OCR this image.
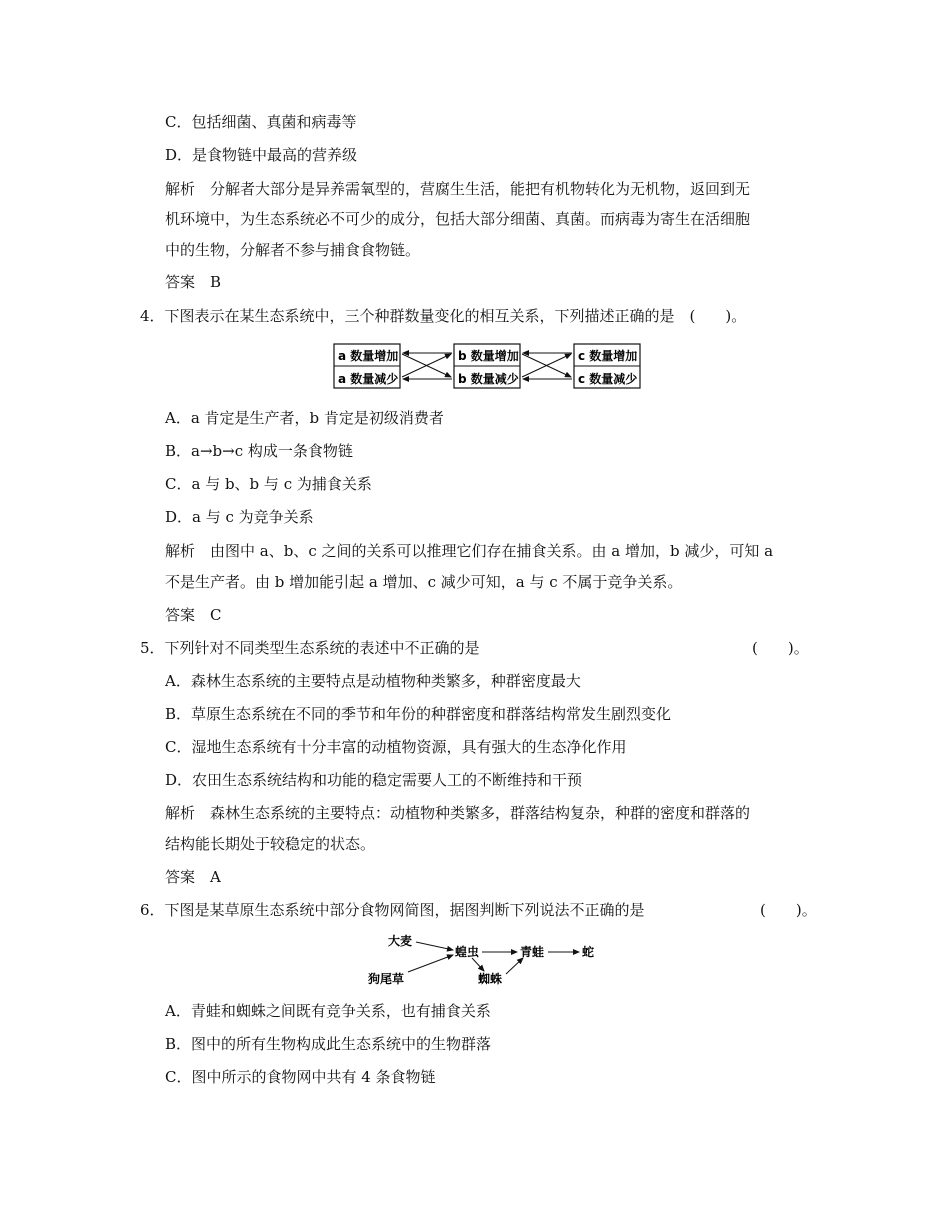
C．包括细菌、真菌和病毒等
D．是食物链中最高的营养级
解析　分解者大部分是异养需氧型的，营腐生生活，能把有机物转化为无机物，返回到无
机环境中，为生态系统必不可少的成分，包括大部分细菌、真菌。而病毒为寄生在活细胞
中的生物，分解者不参与捕食食物链。
答案　B
4．下图表示在某生态系统中，三个种群数量变化的相互关系，下列描述正确的是　(　　)。
a 数量增加
a 数量减少
b 数量增加
b 数量减少
c 数量增加
c 数量减少
A．a 肯定是生产者，b 肯定是初级消费者
B．a→b→c 构成一条食物链
C．a 与 b、b 与 c 为捕食关系
D．a 与 c 为竞争关系
解析　由图中 a、b、c 之间的关系可以推理它们存在捕食关系。由 a 增加，b 减少，可知 a
不是生产者。由 b 增加能引起 a 增加、c 减少可知，a 与 c 不属于竞争关系。
答案　C
5．下列针对不同类型生态系统的表述中不正确的是	(　　)。
A．森林生态系统的主要特点是动植物种类繁多，种群密度最大
B．草原生态系统在不同的季节和年份的种群密度和群落结构常发生剧烈变化
C．湿地生态系统有十分丰富的动植物资源，具有强大的生态净化作用
D．农田生态系统结构和功能的稳定需要人工的不断维持和干预
解析　森林生态系统的主要特点：动植物种类繁多，群落结构复杂，种群的密度和群落的
结构能长期处于较稳定的状态。
答案　A
6．下图是某草原生态系统中部分食物网简图，据图判断下列说法不正确的是	(　　)。
大麦
狗尾草
蝗虫
蜘蛛
青蛙	蛇
A．青蛙和蜘蛛之间既有竞争关系，也有捕食关系
B．图中的所有生物构成此生态系统中的生物群落
C．图中所示的食物网中共有 4 条食物链
